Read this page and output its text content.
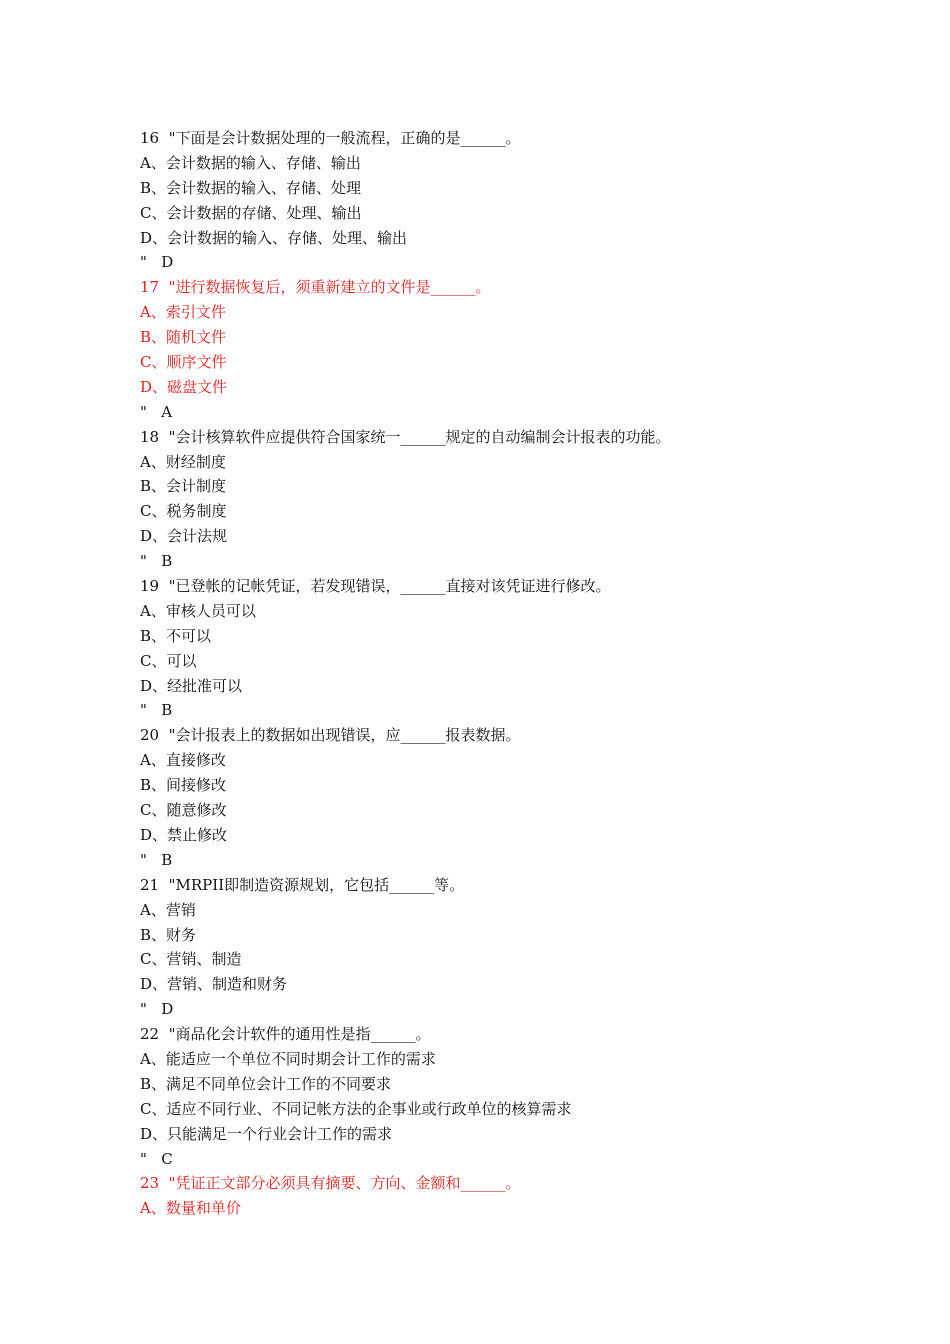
16  "下面是会计数据处理的一般流程，正确的是______。
A、会计数据的输入、存储、输出
B、会计数据的输入、存储、处理
C、会计数据的存储、处理、输出
D、会计数据的输入、存储、处理、输出
"   D
17  "进行数据恢复后，须重新建立的文件是______。
A、索引文件
B、随机文件
C、顺序文件
D、磁盘文件
"   A
18  "会计核算软件应提供符合国家统一______规定的自动编制会计报表的功能。
A、财经制度
B、会计制度
C、税务制度
D、会计法规
"   B
19  "已登帐的记帐凭证，若发现错误，______直接对该凭证进行修改。
A、审核人员可以
B、不可以
C、可以
D、经批准可以
"   B
20  "会计报表上的数据如出现错误，应______报表数据。
A、直接修改
B、间接修改
C、随意修改
D、禁止修改
"   B
21  "MRPII即制造资源规划，它包括______等。
A、营销
B、财务
C、营销、制造
D、营销、制造和财务
"   D
22  "商品化会计软件的通用性是指______。
A、能适应一个单位不同时期会计工作的需求
B、满足不同单位会计工作的不同要求
C、适应不同行业、不同记帐方法的企事业或行政单位的核算需求
D、只能满足一个行业会计工作的需求
"   C
23  "凭证正文部分必须具有摘要、方向、金额和______。
A、数量和单价
